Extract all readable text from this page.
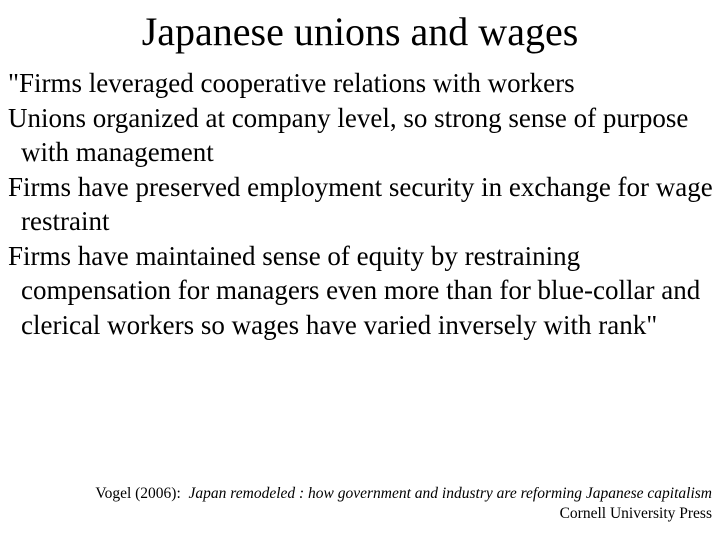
Japanese unions and wages

"Firms leveraged cooperative relations with workers

Unions organized at company level, so strong sense of purpose with management

Firms have preserved employment security in exchange for wage restraint

Firms have maintained sense of equity by restraining compensation for managers even more than for blue-collar and clerical workers so wages have varied inversely with rank"

Vogel (2006): Japan remodeled : how government and industry are reforming Japanese capitalism Cornell University Press
